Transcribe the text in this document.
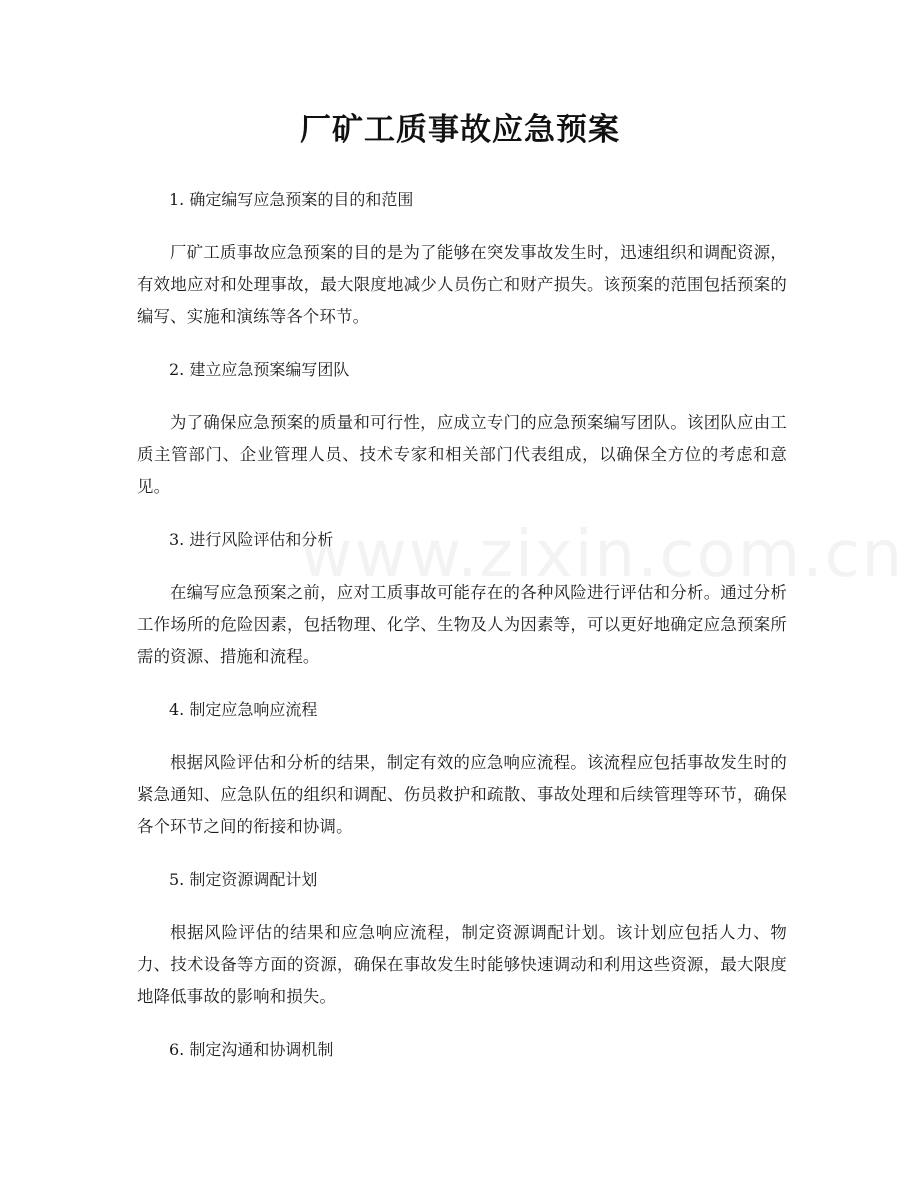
厂矿工质事故应急预案
1. 确定编写应急预案的目的和范围
厂矿工质事故应急预案的目的是为了能够在突发事故发生时，迅速组织和调配资源，有效地应对和处理事故，最大限度地减少人员伤亡和财产损失。该预案的范围包括预案的编写、实施和演练等各个环节。
2. 建立应急预案编写团队
为了确保应急预案的质量和可行性，应成立专门的应急预案编写团队。该团队应由工质主管部门、企业管理人员、技术专家和相关部门代表组成，以确保全方位的考虑和意见。
3. 进行风险评估和分析
在编写应急预案之前，应对工质事故可能存在的各种风险进行评估和分析。通过分析工作场所的危险因素，包括物理、化学、生物及人为因素等，可以更好地确定应急预案所需的资源、措施和流程。
4. 制定应急响应流程
根据风险评估和分析的结果，制定有效的应急响应流程。该流程应包括事故发生时的紧急通知、应急队伍的组织和调配、伤员救护和疏散、事故处理和后续管理等环节，确保各个环节之间的衔接和协调。
5. 制定资源调配计划
根据风险评估的结果和应急响应流程，制定资源调配计划。该计划应包括人力、物力、技术设备等方面的资源，确保在事故发生时能够快速调动和利用这些资源，最大限度地降低事故的影响和损失。
6. 制定沟通和协调机制
